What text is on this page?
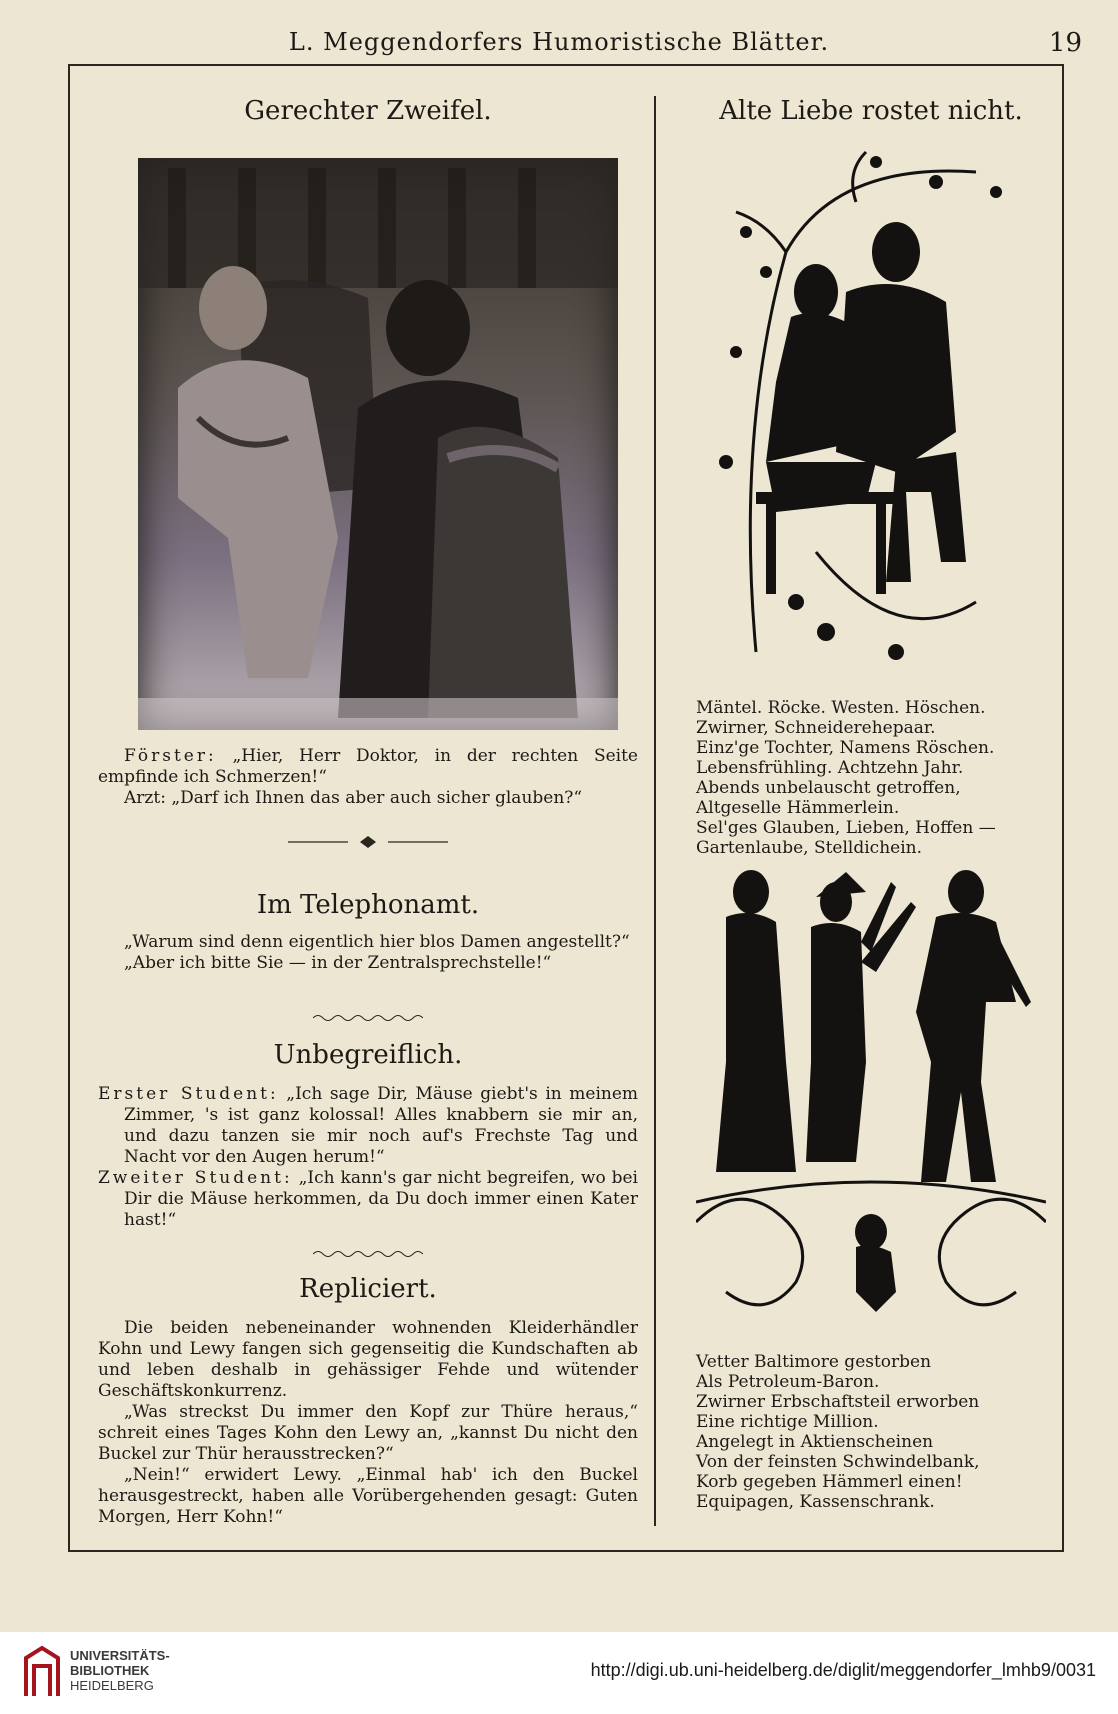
L. Meggendorfers Humoristische Blätter.	19
Gerechter Zweifel.

Förster: „Hier, Herr Doktor, in der rechten Seite empfinde ich Schmerzen!“

Arzt: „Darf ich Ihnen das aber auch sicher glauben?“

Im Telephonamt.

„Warum sind denn eigentlich hier blos Damen angestellt?“

„Aber ich bitte Sie — in der Zentralsprechstelle!“

Unbegreiflich.

Erster Student: „Ich sage Dir, Mäuse giebt's in meinem Zimmer, 's ist ganz kolossal! Alles knabbern sie mir an, und dazu tanzen sie mir noch auf's Frechste Tag und Nacht vor den Augen herum!“

Zweiter Student: „Ich kann's gar nicht begreifen, wo bei Dir die Mäuse herkommen, da Du doch immer einen Kater hast!“

Repliciert.

Die beiden nebeneinander wohnenden Kleiderhändler Kohn und Lewy fangen sich gegenseitig die Kundschaften ab und leben deshalb in gehässiger Fehde und wütender Geschäftskonkurrenz.

„Was streckst Du immer den Kopf zur Thüre heraus,“ schreit eines Tages Kohn den Lewy an, „kannst Du nicht den Buckel zur Thür herausstrecken?“

„Nein!“ erwidert Lewy. „Einmal hab' ich den Buckel herausgestreckt, haben alle Vorübergehenden gesagt: Guten Morgen, Herr Kohn!“

Alte Liebe rostet nicht.
Mäntel. Röcke. Westen. Höschen.
Zwirner, Schneiderehepaar.
Einz'ge Tochter, Namens Röschen.
Lebensfrühling. Achtzehn Jahr.
Abends unbelauscht getroffen,
Altgeselle Hämmerlein.
Sel'ges Glauben, Lieben, Hoffen —
Gartenlaube, Stelldichein.
Vetter Baltimore gestorben
Als Petroleum-Baron.
Zwirner Erbschaftsteil erworben
Eine richtige Million.
Angelegt in Aktienscheinen
Von der feinsten Schwindelbank,
Korb gegeben Hämmerl einen!
Equipagen, Kassenschrank.
UNIVERSITÄTS-
BIBLIOTHEK
HEIDELBERG
http://digi.ub.uni-heidelberg.de/diglit/meggendorfer_lmhb9/0031
